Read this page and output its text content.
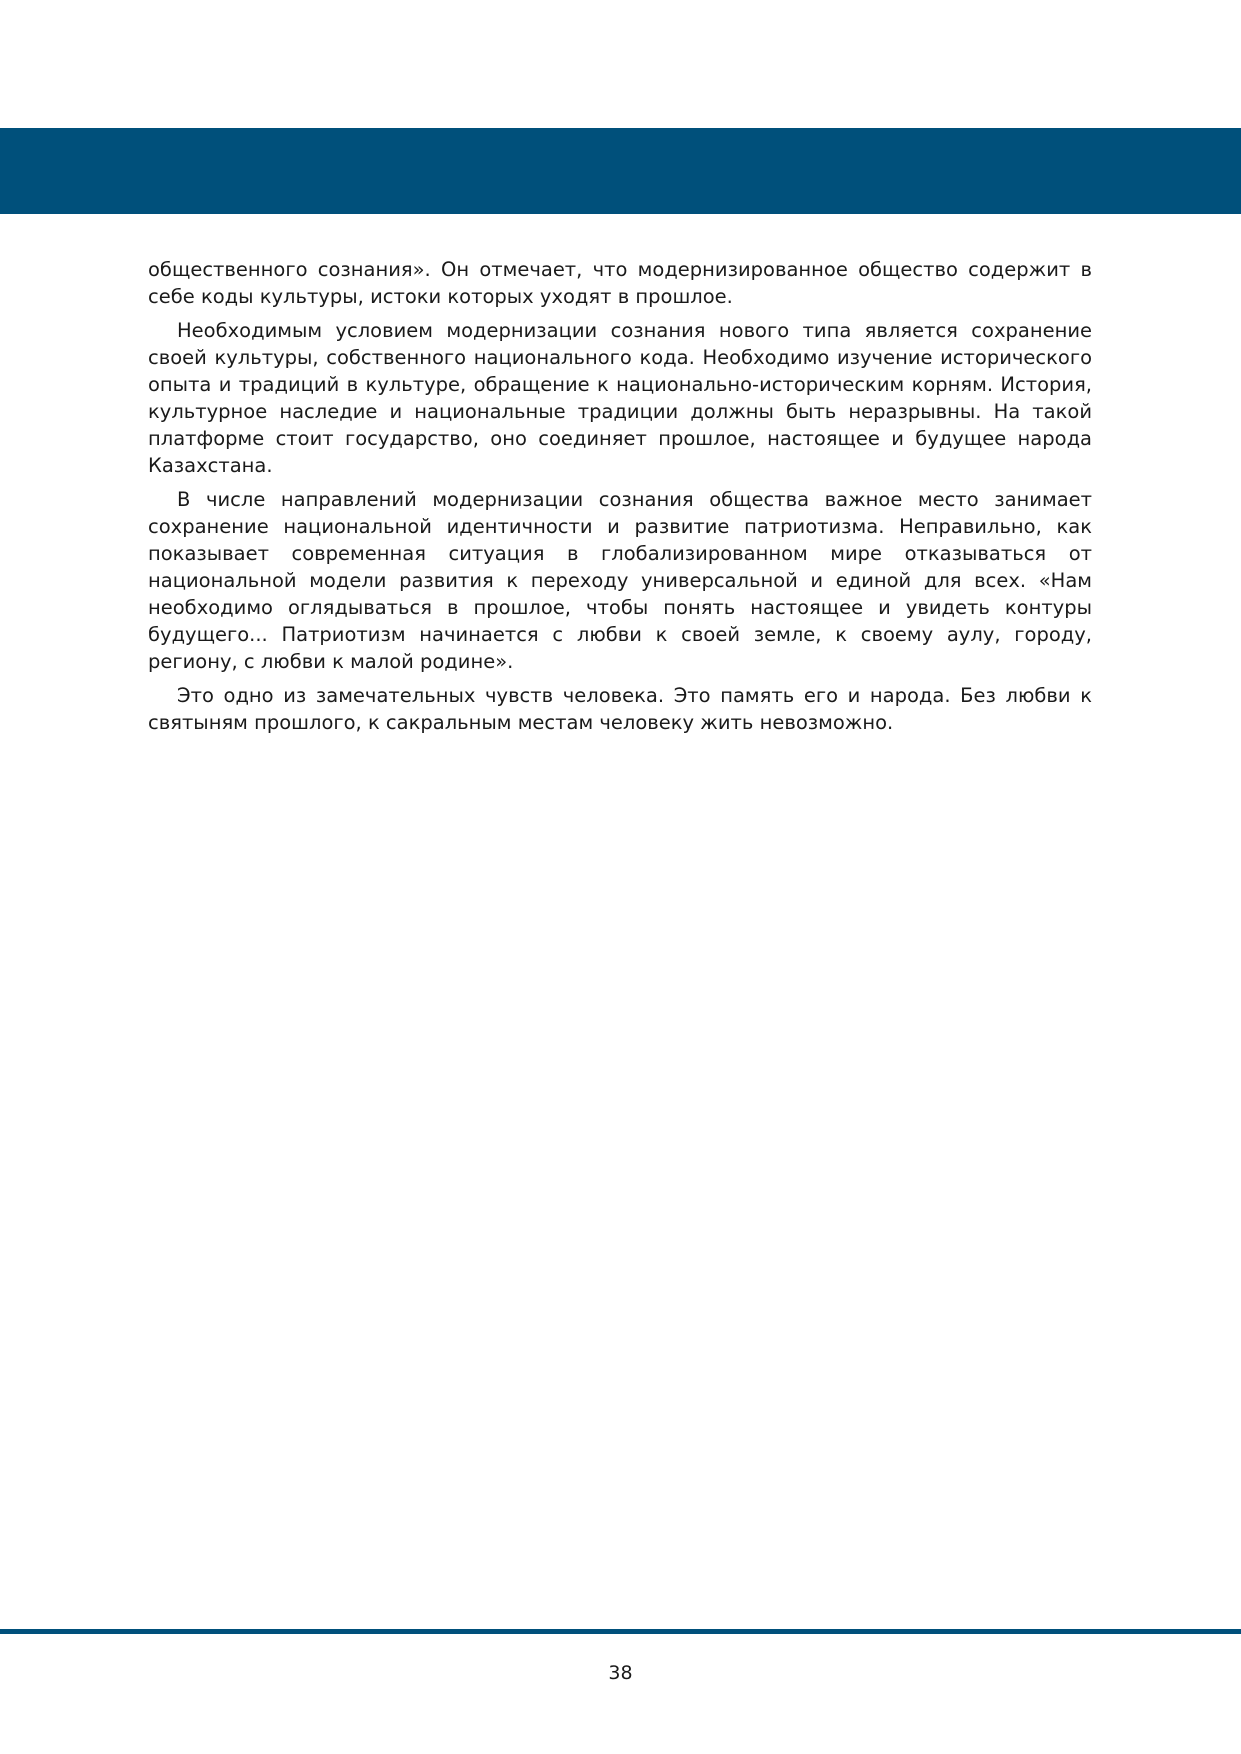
общественного сознания». Он отмечает, что модернизированное общество содержит в себе коды культуры, истоки которых уходят в прошлое.

Необходимым условием модернизации сознания нового типа является сохранение своей культуры, собственного национального кода. Необходимо изучение исторического опыта и традиций в культуре, обращение к национально-историческим корням. История, культурное наследие и национальные традиции должны быть неразрывны. На такой платформе стоит государство, оно соединяет прошлое, настоящее и будущее народа Казахстана.

В числе направлений модернизации сознания общества важное место занимает сохранение национальной идентичности и развитие патриотизма. Неправильно, как показывает современная ситуация в глобализированном мире отказываться от национальной модели развития к переходу универсальной и единой для всех. «Нам необходимо оглядываться в прошлое, чтобы понять настоящее и увидеть контуры будущего... Патриотизм начинается с любви к своей земле, к своему аулу, городу, региону, с любви к малой родине».

Это одно из замечательных чувств человека. Это память его и народа. Без любви к святыням прошлого, к сакральным местам человеку жить невозможно.

38
